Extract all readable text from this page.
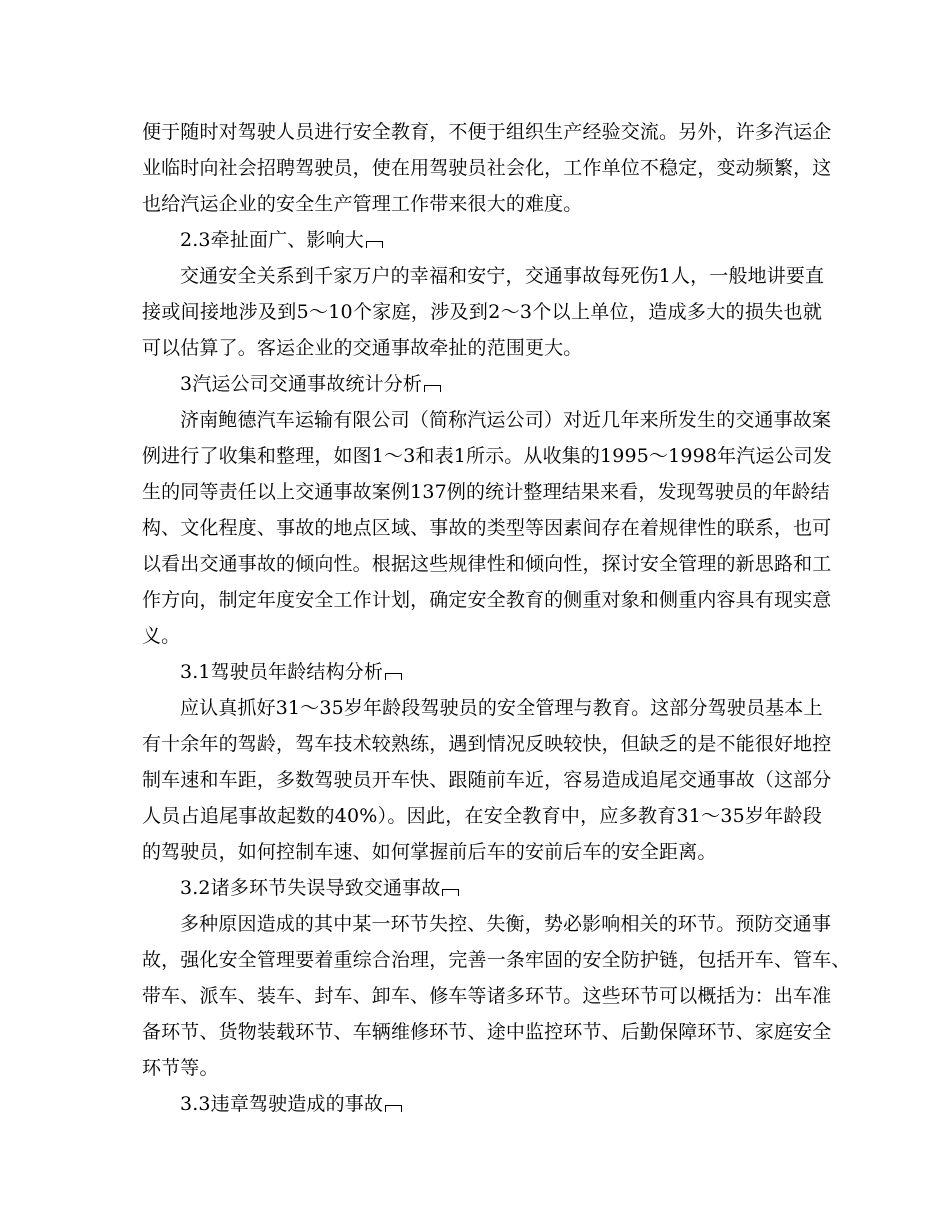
便于随时对驾驶人员进行安全教育，不便于组织生产经验交流。另外，许多汽运企
业临时向社会招聘驾驶员，使在用驾驶员社会化，工作单位不稳定，变动频繁，这
也给汽运企业的安全生产管理工作带来很大的难度。
2.3牵扯面广、影响大
交通安全关系到千家万户的幸福和安宁，交通事故每死伤1人，一般地讲要直
接或间接地涉及到5～10个家庭，涉及到2～3个以上单位，造成多大的损失也就
可以估算了。客运企业的交通事故牵扯的范围更大。
3汽运公司交通事故统计分析
济南鲍德汽车运输有限公司（简称汽运公司）对近几年来所发生的交通事故案
例进行了收集和整理，如图1～3和表1所示。从收集的1995～1998年汽运公司发
生的同等责任以上交通事故案例137例的统计整理结果来看，发现驾驶员的年龄结
构、文化程度、事故的地点区域、事故的类型等因素间存在着规律性的联系，也可
以看出交通事故的倾向性。根据这些规律性和倾向性，探讨安全管理的新思路和工
作方向，制定年度安全工作计划，确定安全教育的侧重对象和侧重内容具有现实意
义。
3.1驾驶员年龄结构分析
应认真抓好31～35岁年龄段驾驶员的安全管理与教育。这部分驾驶员基本上
有十余年的驾龄，驾车技术较熟练，遇到情况反映较快，但缺乏的是不能很好地控
制车速和车距，多数驾驶员开车快、跟随前车近，容易造成追尾交通事故（这部分
人员占追尾事故起数的40%）。因此，在安全教育中，应多教育31～35岁年龄段
的驾驶员，如何控制车速、如何掌握前后车的安前后车的安全距离。
3.2诸多环节失误导致交通事故
多种原因造成的其中某一环节失控、失衡，势必影响相关的环节。预防交通事
故，强化安全管理要着重综合治理，完善一条牢固的安全防护链，包括开车、管车、
带车、派车、装车、封车、卸车、修车等诸多环节。这些环节可以概括为：出车准
备环节、货物装载环节、车辆维修环节、途中监控环节、后勤保障环节、家庭安全
环节等。
3.3违章驾驶造成的事故
